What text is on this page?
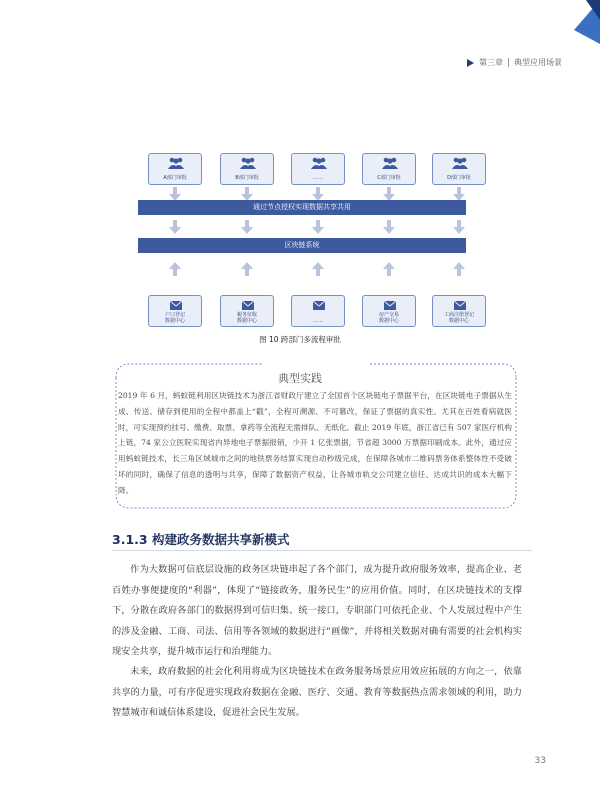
第三章 典型应用场景
A部门审批	B部门审批	……	C部门审批	D部门审批
通过节点授权实现数据共享共用
区块链系统
户口登记
数据中心
税务征收
数据中心	……

房产交易
数据中心
工商注册登记
数据中心
图 10 跨部门多流程审批
典型实践
2019 年 6 月，蚂蚁链利用区块链技术为浙江省财政厅建立了全国首个区块链电子票据平台，在区块链电子票据从生成、传送、储存到使用的全程中都盖上“戳”，全程可溯源、不可篡改，保证了票据的真实性。尤其在百姓看病就医时，可实现预约挂号、缴费、取票、拿药等全流程无需排队、无纸化。截止 2019 年底，浙江省已有 507 家医疗机构上链，74 家公立医院实现省内异地电子票据报销，少开 1 亿张票据，节省超 3000 万票据印刷成本。此外，通过应用蚂蚁链技术，长三角区域城市之间的地铁票务结算实现自动秒级完成，在保障各城市二维码票务体系整体性不受破坏的同时，确保了信息的透明与共享，保障了数据资产权益，让各城市轨交公司建立信任、达成共识的成本大幅下降。
3.1.3 构建政务数据共享新模式
作为大数据可信底层设施的政务区块链串起了各个部门，成为提升政府服务效率，提高企业、老百姓办事便捷度的“利器”，体现了“链接政务，服务民生”的应用价值。同时，在区块链技术的支撑下，分散在政府各部门的数据得到可信归集、统一接口，专职部门可依托企业、个人发展过程中产生的涉及金融、工商、司法、信用等各领域的数据进行“画像”，并将相关数据对确有需要的社会机构实现安全共享，提升城市运行和治理能力。
未来，政府数据的社会化利用将成为区块链技术在政务服务场景应用效应拓展的方向之一，依靠共享的力量，可有序促进实现政府数据在金融、医疗、交通、教育等数据热点需求领域的利用，助力智慧城市和诚信体系建设，促进社会民生发展。
33
